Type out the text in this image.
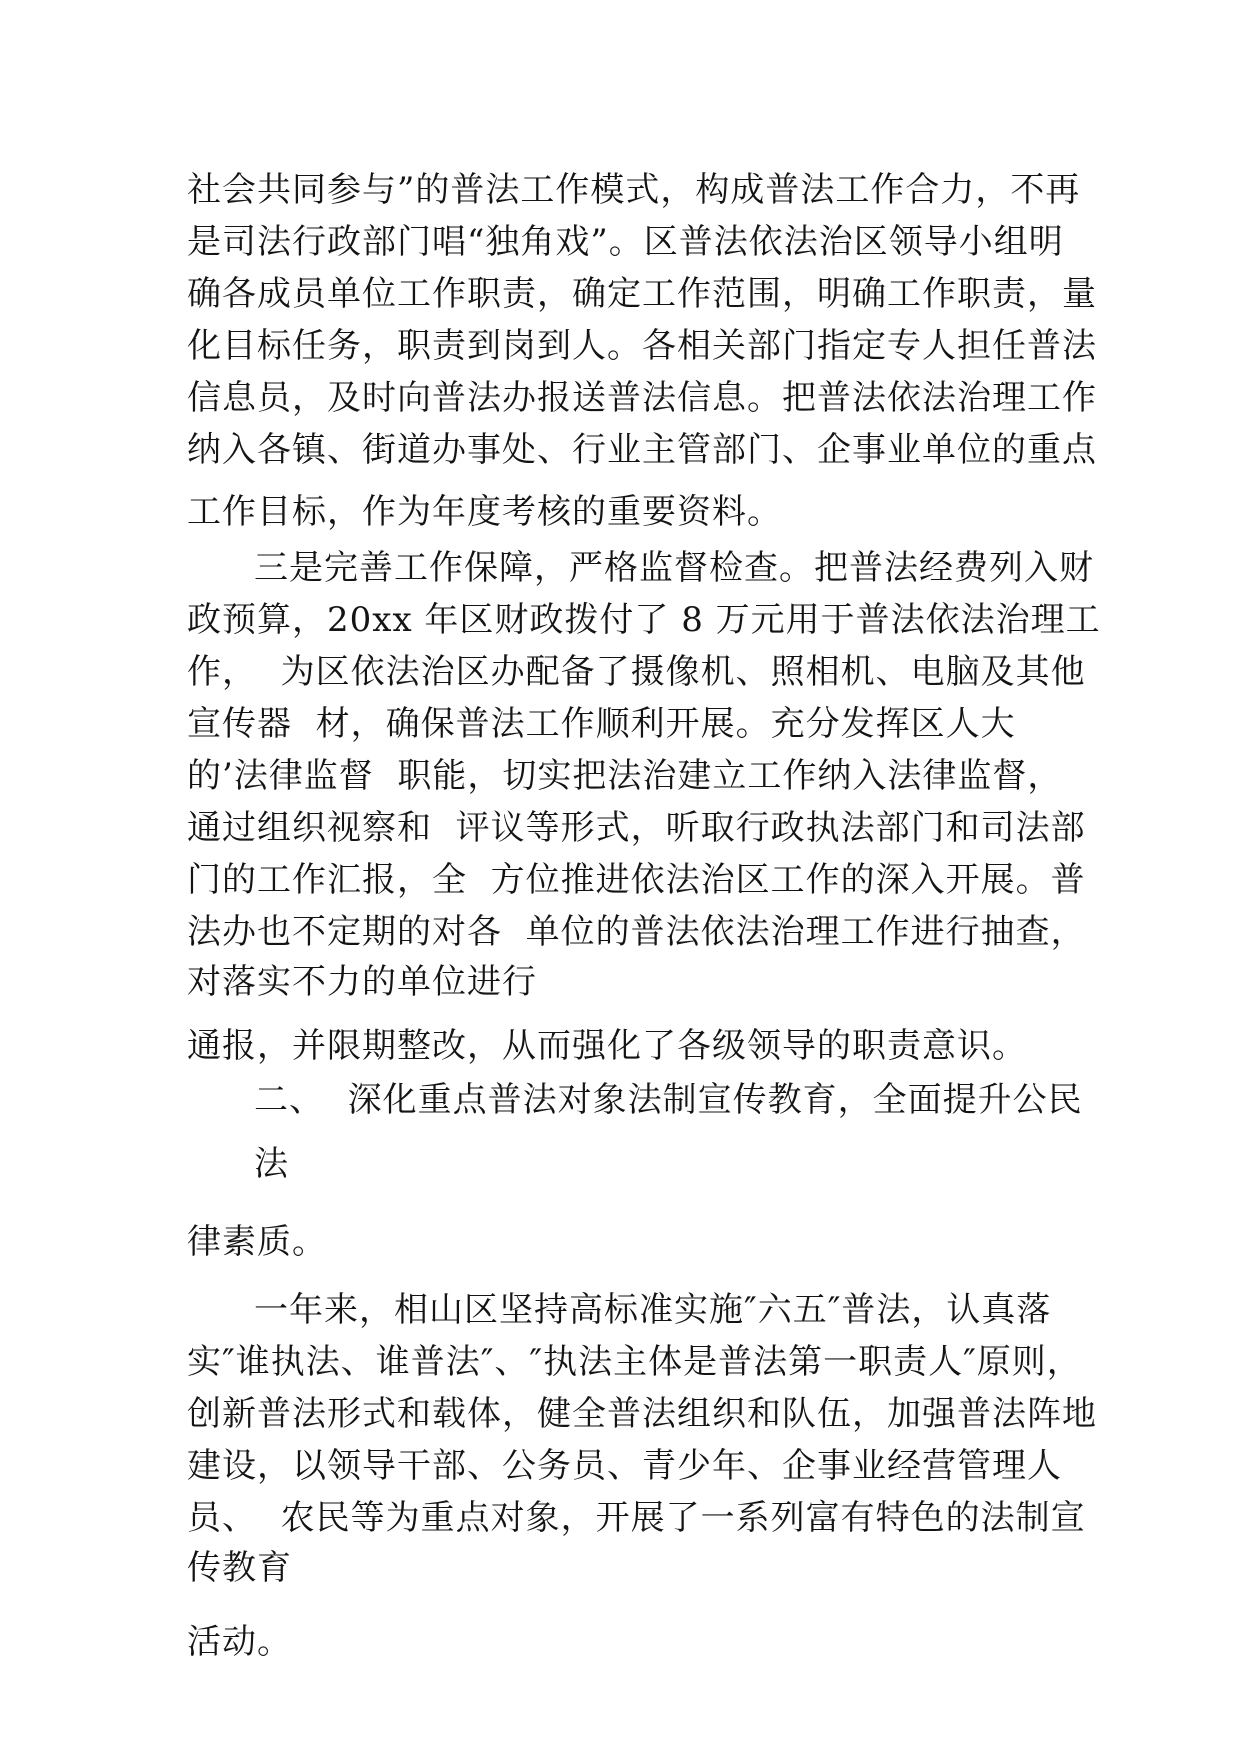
社会共同参与”的普法工作模式，构成普法工作合力，不再
是司法行政部门唱“独角戏”。区普法依法治区领导小组明
确各成员单位工作职责，确定工作范围，明确工作职责，量
化目标任务，职责到岗到人。各相关部门指定专人担任普法
信息员，及时向普法办报送普法信息。把普法依法治理工作
纳入各镇、街道办事处、行业主管部门、企事业单位的重点
工作目标，作为年度考核的重要资料。
三是完善工作保障，严格监督检查。把普法经费列入财
政预算，20xx 年区财政拨付了 8 万元用于普法依法治理工
作，  为区依法治区办配备了摄像机、照相机、电脑及其他
宣传器  材，确保普法工作顺利开展。充分发挥区人大
的’法律监督  职能，切实把法治建立工作纳入法律监督，
通过组织视察和  评议等形式，听取行政执法部门和司法部
门的工作汇报，全  方位推进依法治区工作的深入开展。普
法办也不定期的对各  单位的普法依法治理工作进行抽查，
对落实不力的单位进行
通报，并限期整改，从而强化了各级领导的职责意识。
二、  深化重点普法对象法制宣传教育，全面提升公民
法
律素质。
一年来，相山区坚持高标准实施″六五″普法，认真落
实″谁执法、谁普法″、″执法主体是普法第一职责人″原则，
创新普法形式和载体，健全普法组织和队伍，加强普法阵地
建设，以领导干部、公务员、青少年、企事业经营管理人
员、  农民等为重点对象，开展了一系列富有特色的法制宣
传教育
活动。
